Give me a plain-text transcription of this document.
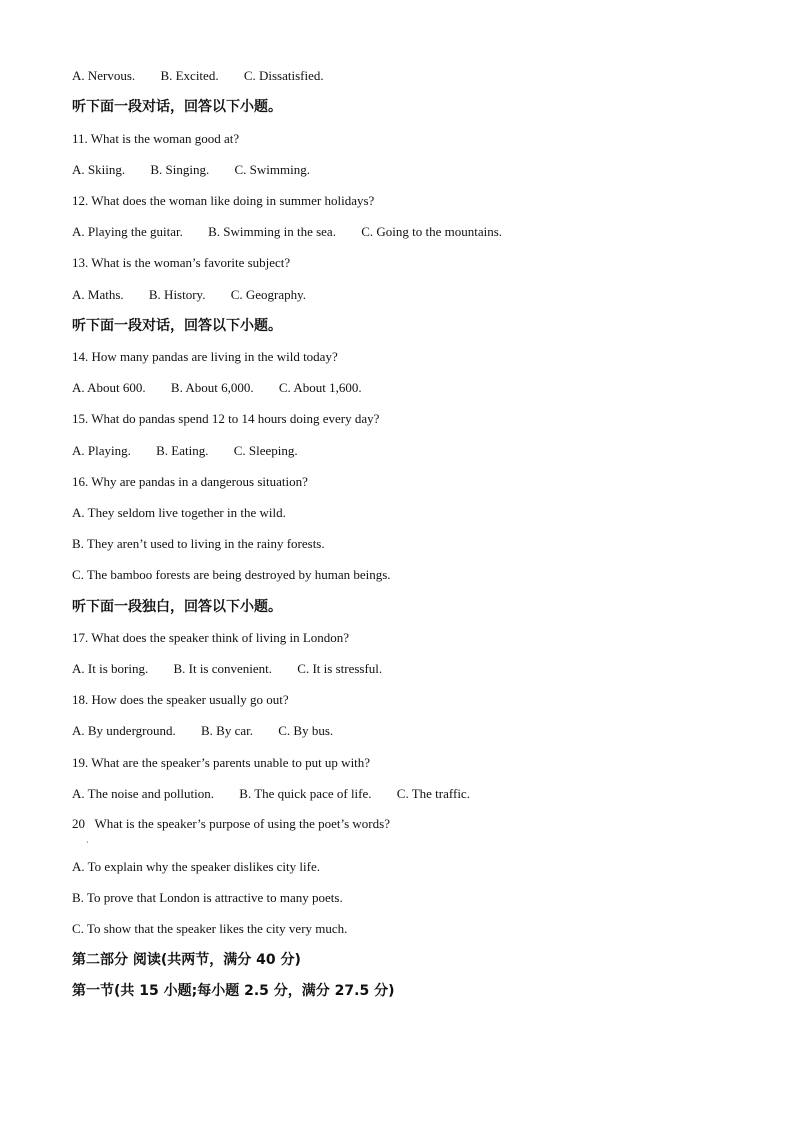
A. Nervous. B. Excited. C. Dissatisfied.
听下面一段对话，回答以下小题。
11. What is the woman good at?
A. Skiing. B. Singing. C. Swimming.
12. What does the woman like doing in summer holidays?
A. Playing the guitar. B. Swimming in the sea. C. Going to the mountains.
13. What is the woman’s favorite subject?
A. Maths. B. History. C. Geography.
听下面一段对话，回答以下小题。
14. How many pandas are living in the wild today?
A. About 600. B. About 6,000. C. About 1,600.
15. What do pandas spend 12 to 14 hours doing every day?
A. Playing. B. Eating. C. Sleeping.
16. Why are pandas in a dangerous situation?
A. They seldom live together in the wild.
B. They aren’t used to living in the rainy forests.
C. The bamboo forests are being destroyed by human beings.
听下面一段独白，回答以下小题。
17. What does the speaker think of living in London?
A. It is boring. B. It is convenient. C. It is stressful.
18. How does the speaker usually go out?
A. By underground. B. By car. C. By bus.
19. What are the speaker’s parents unable to put up with?
A. The noise and pollution. B. The quick pace of life. C. The traffic.
20   What is the speaker’s purpose of using the poet’s words?
·
A. To explain why the speaker dislikes city life.
B. To prove that London is attractive to many poets.
C. To show that the speaker likes the city very much.
第二部分 阅读(共两节，满分 40 分)
第一节(共 15 小题;每小题 2.5 分，满分 27.5 分)
